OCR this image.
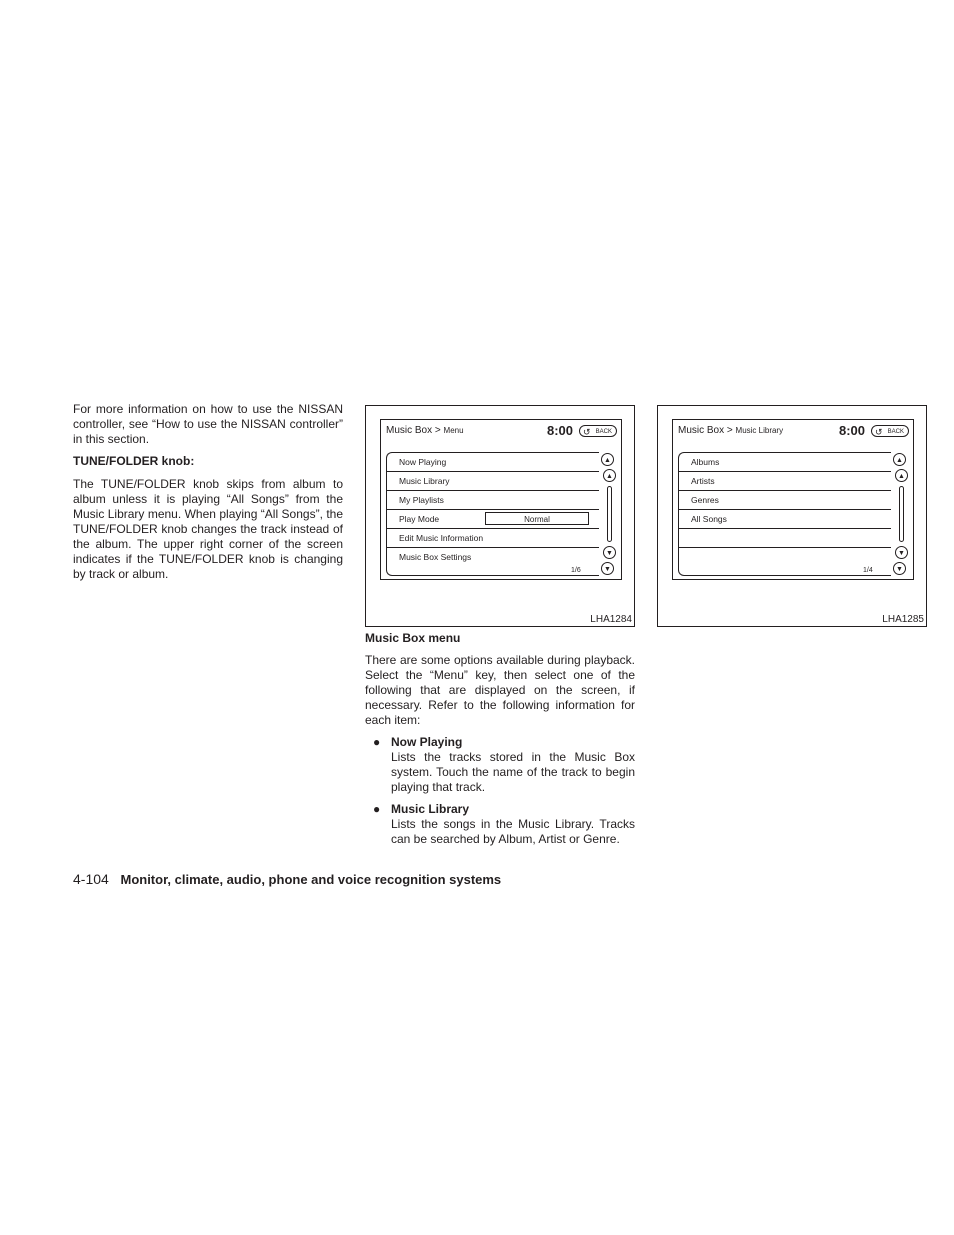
For more information on how to use the NISSAN controller, see “How to use the NISSAN controller” in this section.

TUNE/FOLDER knob:

The TUNE/FOLDER knob skips from album to album unless it is playing “All Songs” from the Music Library menu. When playing “All Songs”, the TUNE/FOLDER knob changes the track instead of the album. The upper right corner of the screen indicates if the TUNE/FOLDER knob is changing by track or album.

Music Box > Menu	8:00 ↺ BACK
Now Playing
Music Library
My Playlists
Play Mode	Normal
Edit Music Information
Music Box Settings
▲
▲
▼
▼
1/6
LHA1284
Music Box > Music Library	8:00 ↺ BACK
Albums
Artists
Genres
All Songs
▲
▲
▼
▼
1/4
LHA1285

Music Box menu

There are some options available during playback. Select the “Menu” key, then select one of the following that are displayed on the screen, if necessary. Refer to the following information for each item:

● Now Playing

Lists the tracks stored in the Music Box system. Touch the name of the track to begin playing that track.

● Music Library

Lists the songs in the Music Library. Tracks can be searched by Album, Artist or Genre.

4-104 Monitor, climate, audio, phone and voice recognition systems
